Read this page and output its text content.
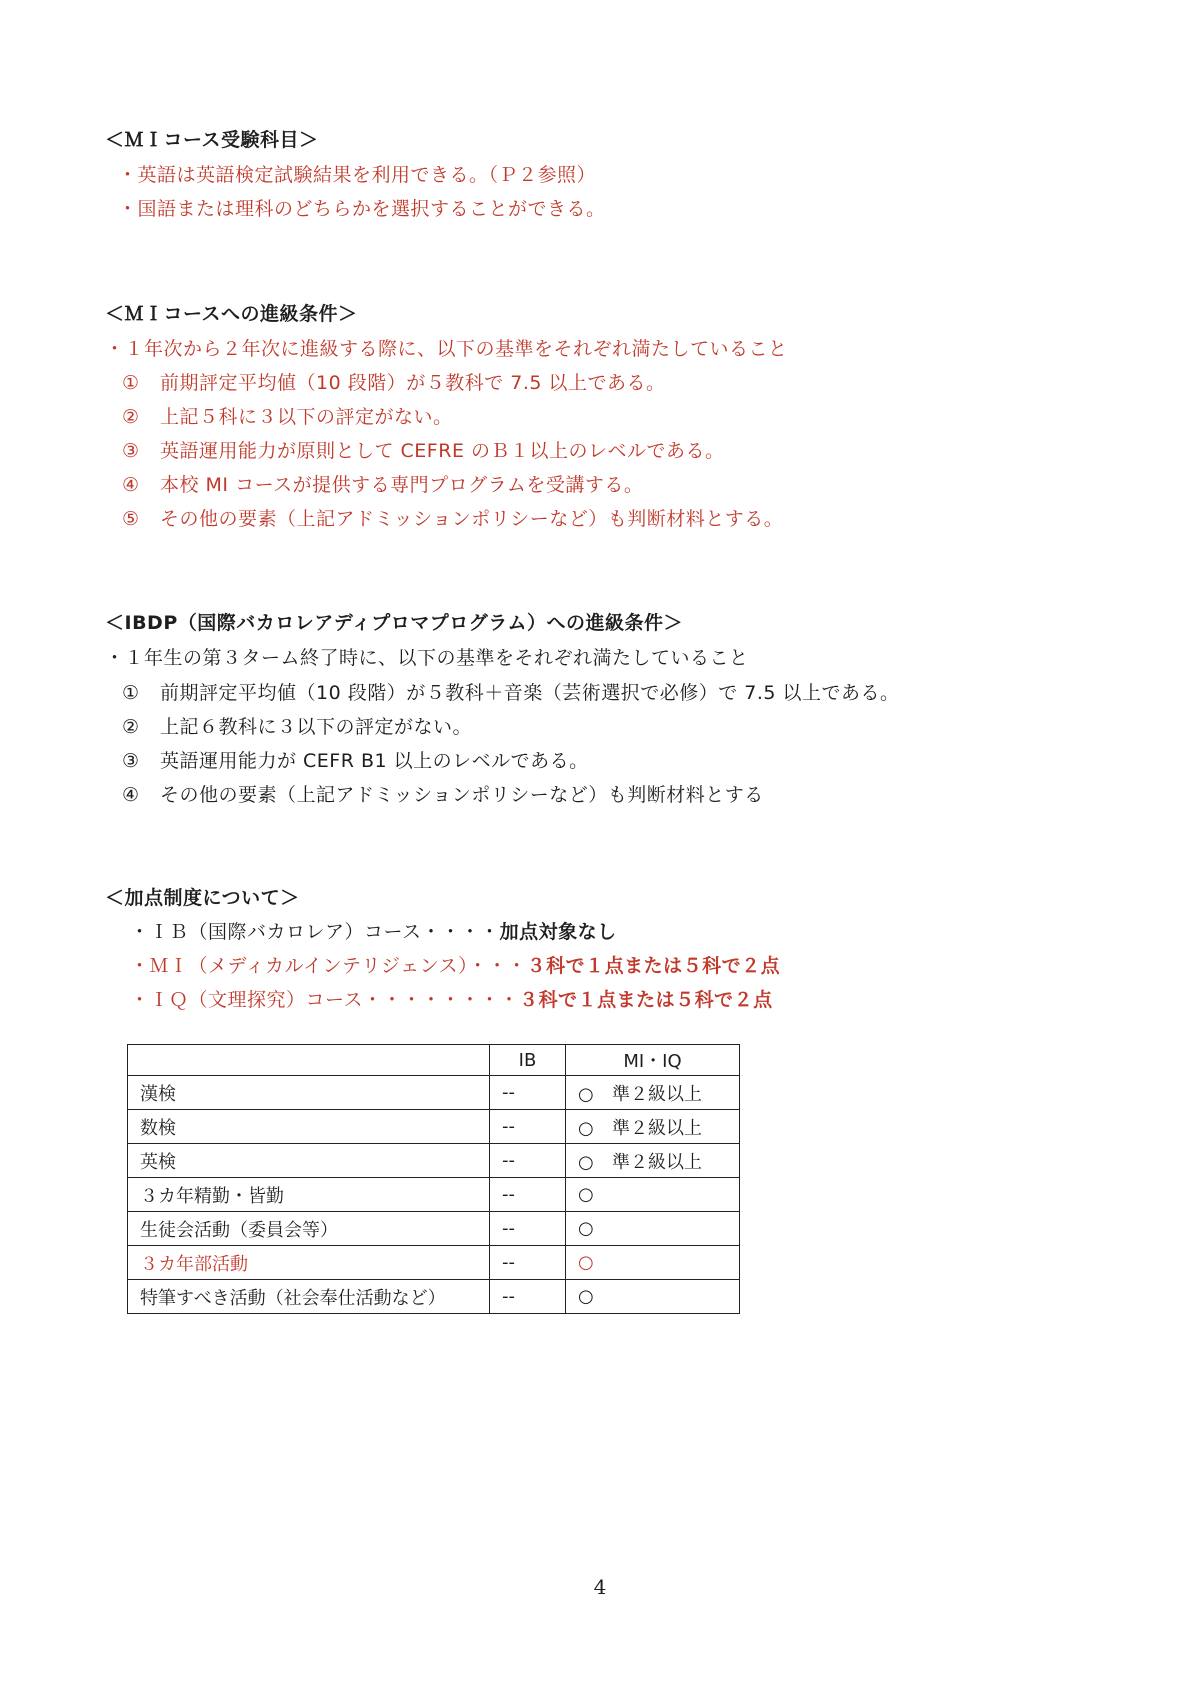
＜ＭＩコース受験科目＞
・英語は英語検定試験結果を利用できる。（Ｐ２参照）
・国語または理科のどちらかを選択することができる。
＜ＭＩコースへの進級条件＞
・１年次から２年次に進級する際に、以下の基準をそれぞれ満たしていること
① 前期評定平均値（10 段階）が５教科で 7.5 以上である。
② 上記５科に３以下の評定がない。
③ 英語運用能力が原則として CEFRE のＢ１以上のレベルである。
④ 本校 MI コースが提供する専門プログラムを受講する。
⑤ その他の要素（上記アドミッションポリシーなど）も判断材料とする。
＜IBDP（国際バカロレアディプロマプログラム）への進級条件＞
・１年生の第３ターム終了時に、以下の基準をそれぞれ満たしていること
① 前期評定平均値（10 段階）が５教科＋音楽（芸術選択で必修）で 7.5 以上である。
② 上記６教科に３以下の評定がない。
③ 英語運用能力が CEFR B1 以上のレベルである。
④ その他の要素（上記アドミッションポリシーなど）も判断材料とする
＜加点制度について＞
・ＩＢ（国際バカロレア）コース・・・・加点対象なし
・ＭＩ（メディカルインテリジェンス）・・・３科で１点または５科で２点
・ＩＱ（文理探究）コース・・・・・・・・３科で１点または５科で２点
	IB	MI・IQ
漢検	--	○ 準２級以上
数検	--	○ 準２級以上
英検	--	○ 準２級以上
３カ年精勤・皆勤	--	○
生徒会活動（委員会等）	--	○
３カ年部活動	--	○
特筆すべき活動（社会奉仕活動など）	--	○
4
